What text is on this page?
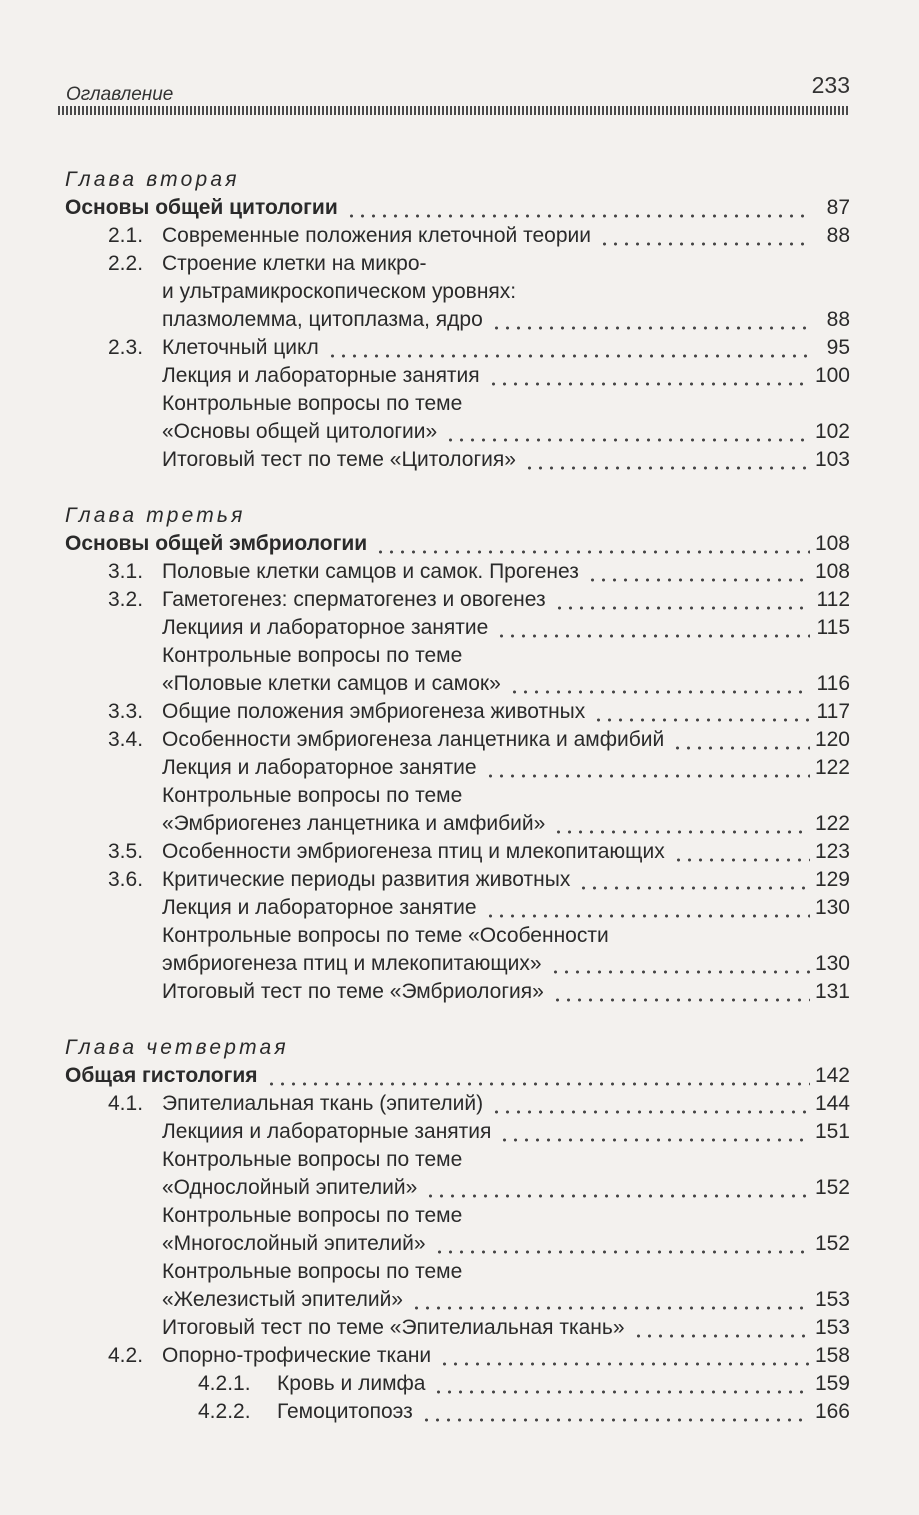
Оглавление	233
Глава вторая
Основы общей цитологии	87
2.1. Современные положения клеточной теории	88
2.2. Строение клетки на микро-
и ультрамикроскопическом уровнях:
плазмолемма, цитоплазма, ядро	88
2.3. Клеточный цикл	95
Лекция и лабораторные занятия	100
Контрольные вопросы по теме
«Основы общей цитологии»	102
Итоговый тест по теме «Цитология»	103
Глава третья
Основы общей эмбриологии	108
3.1. Половые клетки самцов и самок. Прогенез	108
3.2. Гаметогенез: сперматогенез и овогенез	112
Лекциия и лабораторное занятие	115
Контрольные вопросы по теме
«Половые клетки самцов и самок»	116
3.3. Общие положения эмбриогенеза животных	117
3.4. Особенности эмбриогенеза ланцетника и амфибий	120
Лекция и лабораторное занятие	122
Контрольные вопросы по теме
«Эмбриогенез ланцетника и амфибий»	122
3.5. Особенности эмбриогенеза птиц и млекопитающих	123
3.6. Критические периоды развития животных	129
Лекция и лабораторное занятие	130
Контрольные вопросы по теме «Особенности
эмбриогенеза птиц и млекопитающих»	130
Итоговый тест по теме «Эмбриология»	131
Глава четвертая
Общая гистология	142
4.1. Эпителиальная ткань (эпителий)	144
Лекциия и лабораторные занятия	151
Контрольные вопросы по теме
«Однослойный эпителий»	152
Контрольные вопросы по теме
«Многослойный эпителий»	152
Контрольные вопросы по теме
«Железистый эпителий»	153
Итоговый тест по теме «Эпителиальная ткань»	153
4.2. Опорно-трофические ткани	158
4.2.1. Кровь и лимфа	159
4.2.2. Гемоцитопоэз	166
